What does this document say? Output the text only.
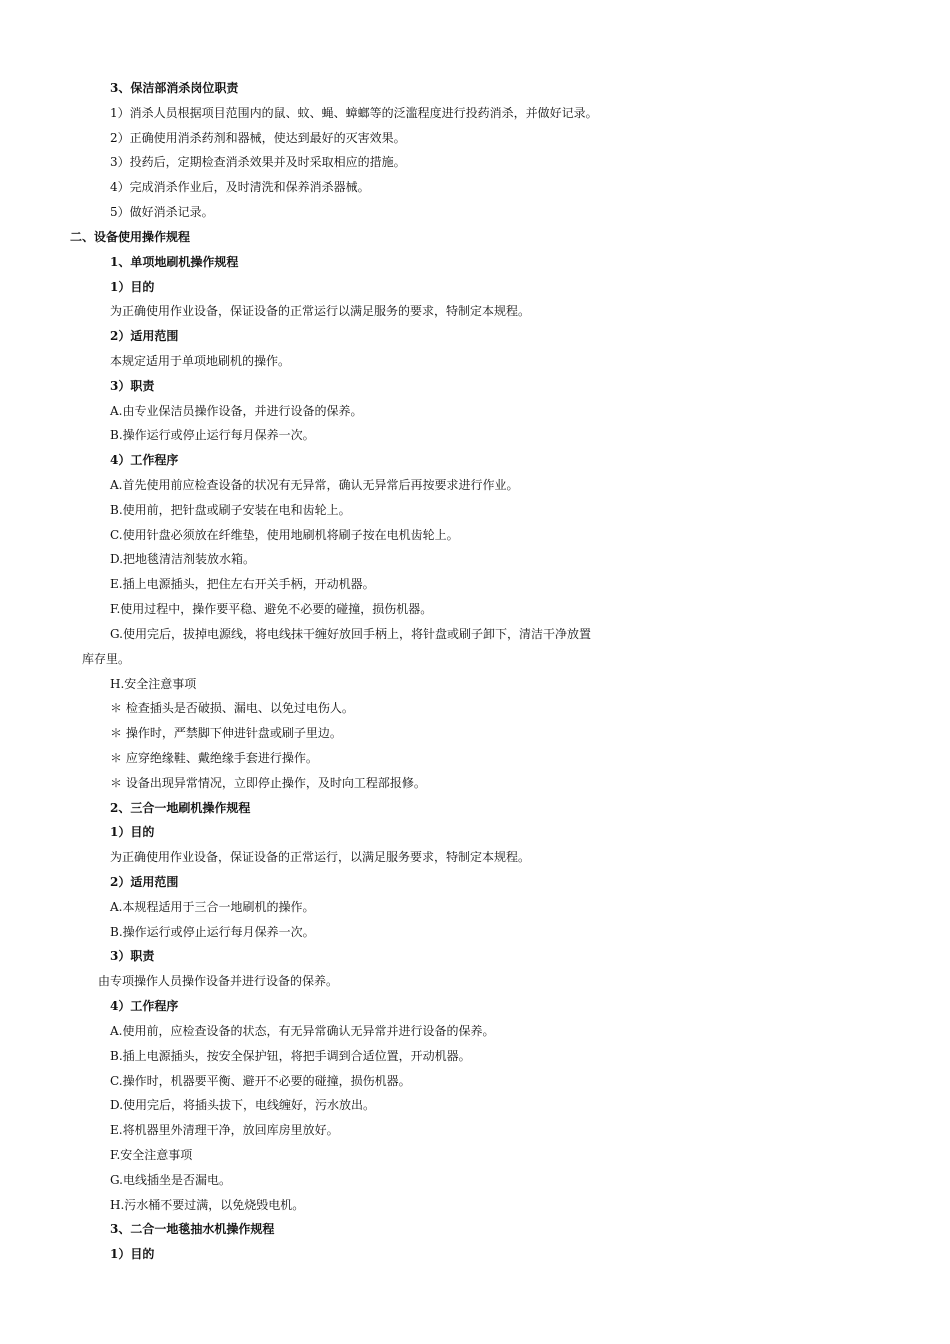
3、保洁部消杀岗位职责
1）消杀人员根据项目范围内的鼠、蚊、蝇、蟑螂等的泛滥程度进行投药消杀，并做好记录。
2）正确使用消杀药剂和器械，使达到最好的灭害效果。
3）投药后，定期检查消杀效果并及时采取相应的措施。
4）完成消杀作业后，及时清洗和保养消杀器械。
5）做好消杀记录。
二、设备使用操作规程
1、单项地刷机操作规程
1）目的
为正确使用作业设备，保证设备的正常运行以满足服务的要求，特制定本规程。
2）适用范围
本规定适用于单项地刷机的操作。
3）职责
A.由专业保洁员操作设备，并进行设备的保养。
B.操作运行或停止运行每月保养一次。
4）工作程序
A.首先使用前应检查设备的状况有无异常，确认无异常后再按要求进行作业。
B.使用前，把针盘或刷子安装在电和齿轮上。
C.使用针盘必须放在纤维垫，使用地刷机将刷子按在电机齿轮上。
D.把地毯清洁剂装放水箱。
E.插上电源插头，把住左右开关手柄，开动机器。
F.使用过程中，操作要平稳、避免不必要的碰撞，损伤机器。
G.使用完后，拔掉电源线，将电线抹干缠好放回手柄上，将针盘或刷子卸下，清洁干净放置
库存里。
H.安全注意事项
＊ 检查插头是否破损、漏电、以免过电伤人。
＊ 操作时，严禁脚下伸进针盘或刷子里边。
＊ 应穿绝缘鞋、戴绝缘手套进行操作。
＊ 设备出现异常情况，立即停止操作，及时向工程部报修。
2、三合一地刷机操作规程
1）目的
为正确使用作业设备，保证设备的正常运行，以满足服务要求，特制定本规程。
2）适用范围
A.本规程适用于三合一地刷机的操作。
B.操作运行或停止运行每月保养一次。
3）职责
由专项操作人员操作设备并进行设备的保养。
4）工作程序
A.使用前，应检查设备的状态，有无异常确认无异常并进行设备的保养。
B.插上电源插头，按安全保护钮，将把手调到合适位置，开动机器。
C.操作时，机器要平衡、避开不必要的碰撞，损伤机器。
D.使用完后，将插头拔下，电线缠好，污水放出。
E.将机器里外清理干净，放回库房里放好。
F.安全注意事项
G.电线插坐是否漏电。
H.污水桶不要过满，以免烧毁电机。
3、二合一地毯抽水机操作规程
1）目的
